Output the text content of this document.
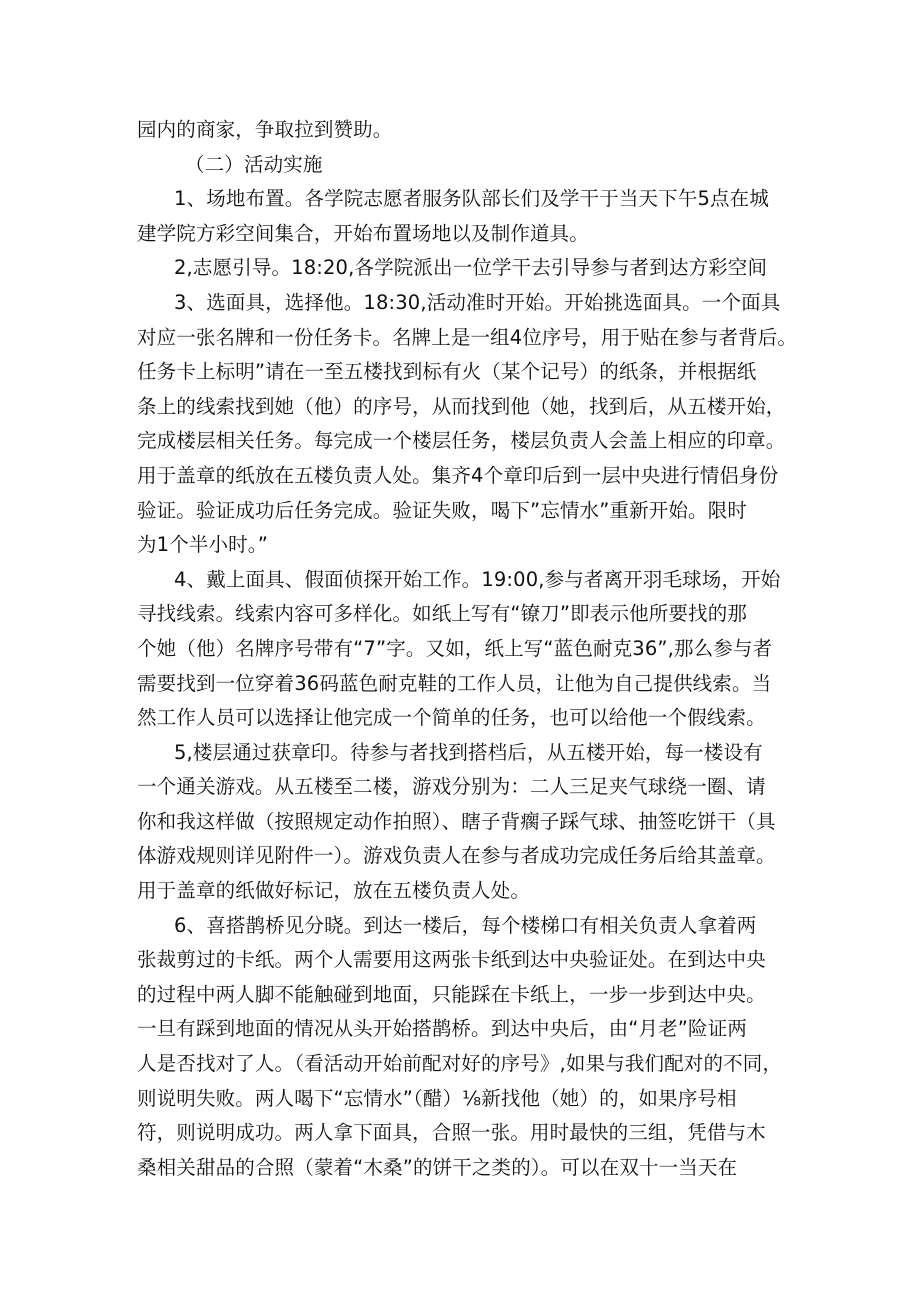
园内的商家，争取拉到赞助。
（二）活动实施
1、场地布置。各学院志愿者服务队部长们及学干于当天下午5点在城
建学院方彩空间集合，开始布置场地以及制作道具。
2,志愿引导。18:20,各学院派出一位学干去引导参与者到达方彩空间
3、选面具，选择他。18:30,活动准时开始。开始挑选面具。一个面具
对应一张名牌和一份任务卡。名牌上是一组4位序号，用于贴在参与者背后。
任务卡上标明”请在一至五楼找到标有火（某个记号）的纸条，并根据纸
条上的线索找到她（他）的序号，从而找到他（她，找到后，从五楼开始，
完成楼层相关任务。每完成一个楼层任务，楼层负责人会盖上相应的印章。
用于盖章的纸放在五楼负责人处。集齐4个章印后到一层中央进行情侣身份
验证。验证成功后任务完成。验证失败，喝下”忘情水”重新开始。限时
为1个半小时。”
4、戴上面具、假面侦探开始工作。19:00,参与者离开羽毛球场，开始
寻找线索。线索内容可多样化。如纸上写有“镣刀”即表示他所要找的那
个她（他）名牌序号带有“7”字。又如，纸上写“蓝色耐克36”,那么参与者
需要找到一位穿着36码蓝色耐克鞋的工作人员，让他为自己提供线索。当
然工作人员可以选择让他完成一个简单的任务，也可以给他一个假线索。
5,楼层通过获章印。待参与者找到搭档后，从五楼开始，每一楼设有
一个通关游戏。从五楼至二楼，游戏分别为：二人三足夹气球绕一圈、请
你和我这样做（按照规定动作拍照）、瞎子背瘸子踩气球、抽签吃饼干（具
体游戏规则详见附件一）。游戏负责人在参与者成功完成任务后给其盖章。
用于盖章的纸做好标记，放在五楼负责人处。
6、喜搭鹊桥见分晓。到达一楼后，每个楼梯口有相关负责人拿着两
张裁剪过的卡纸。两个人需要用这两张卡纸到达中央验证处。在到达中央
的过程中两人脚不能触碰到地面，只能踩在卡纸上，一步一步到达中央。
一旦有踩到地面的情况从头开始搭鹊桥。到达中央后，由“月老”险证两
人是否找对了人。（看活动开始前配对好的序号》,如果与我们配对的不同，
则说明失败。两人喝下“忘情水”（醋）⅛新找他（她）的，如果序号相
符，则说明成功。两人拿下面具，合照一张。用时最快的三组，凭借与木
桑相关甜品的合照（蒙着“木桑”的饼干之类的）。可以在双十一当天在
